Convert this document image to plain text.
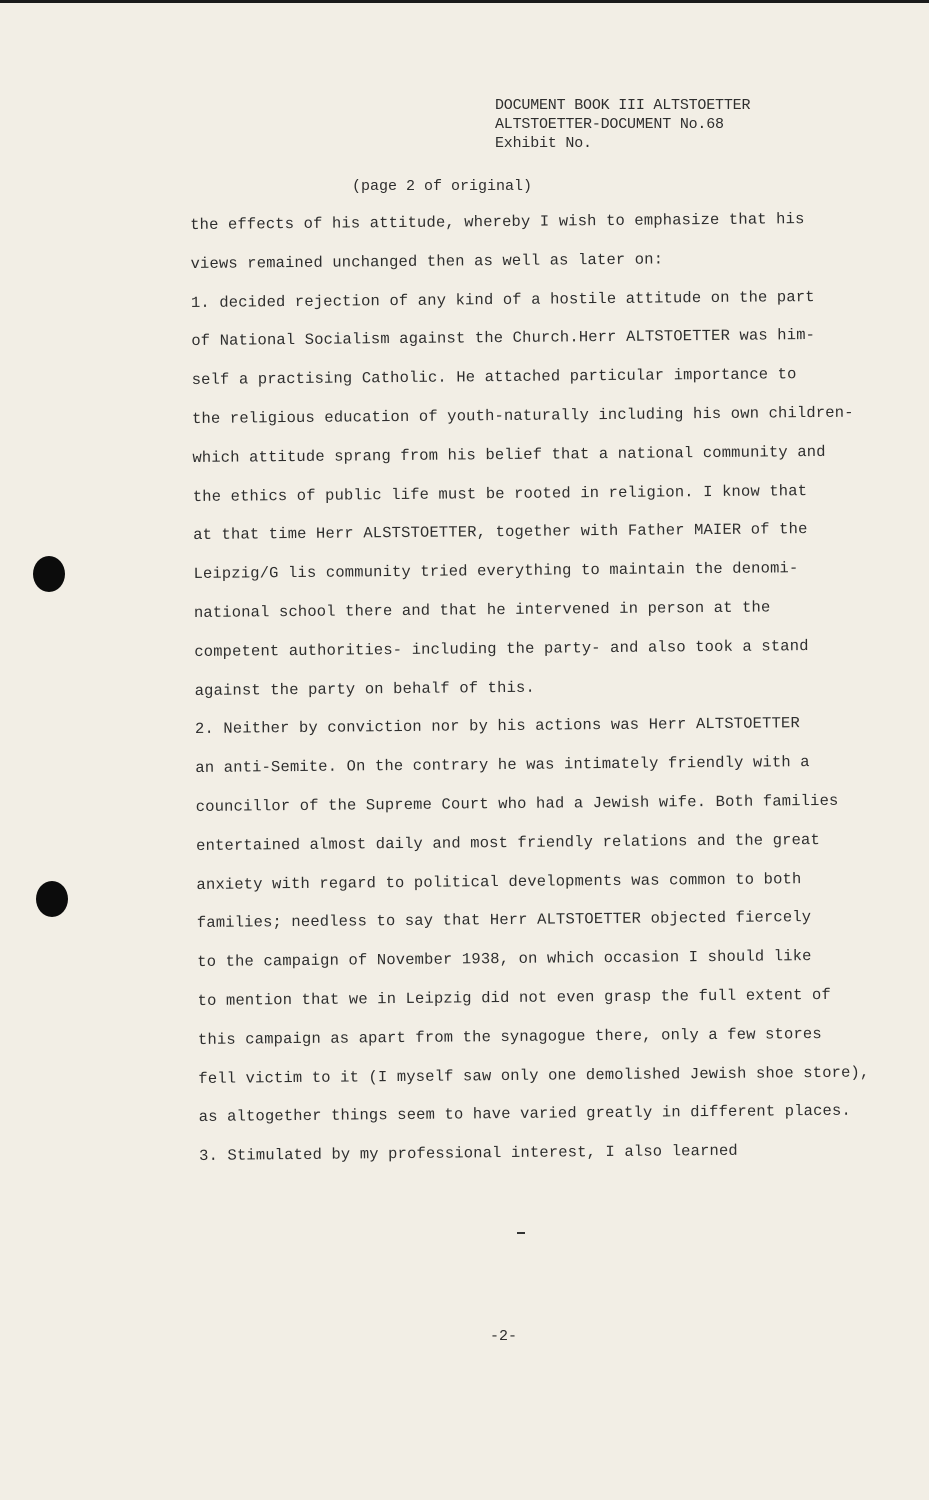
DOCUMENT BOOK III ALTSTOETTER
ALTSTOETTER-DOCUMENT No.68
Exhibit No.
(page 2 of original)
the effects of his attitude, whereby I wish to emphasize that his
views remained unchanged then as well as later on:
1. decided rejection of any kind of a hostile attitude on the part
of National Socialism against the Church.Herr ALTSTOETTER was him-
self a practising Catholic. He attached particular importance to
the religious education of youth-naturally including his own children-
which attitude sprang from his belief that a national community and
the ethics of public life must be rooted in religion. I know that
at that time Herr ALSTSTOETTER, together with Father MAIER of the
Leipzig/G lis community tried everything to maintain the denomi-
national school there and that he intervened in person at the
competent authorities- including the party- and also took a stand
against the party on behalf of this.
2. Neither by conviction nor by his actions was Herr ALTSTOETTER
an anti-Semite. On the contrary he was intimately friendly with a
councillor of the Supreme Court who had a Jewish wife. Both families
entertained almost daily and most friendly relations and the great
anxiety with regard to political developments was common to both
families; needless to say that Herr ALTSTOETTER objected fiercely
to the campaign of November 1938, on which occasion I should like
to mention that we in Leipzig did not even grasp the full extent of
this campaign as apart from the synagogue there, only a few stores
fell victim to it (I myself saw only one demolished Jewish shoe store),
as altogether things seem to have varied greatly in different places.
3. Stimulated by my professional interest, I also learned
-2-
